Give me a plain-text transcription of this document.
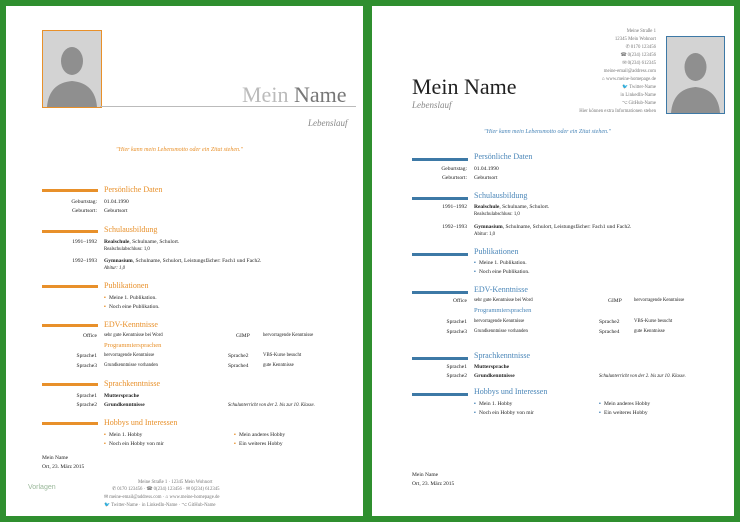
Mein Name
Lebenslauf
"Hier kann mein Lebensmotto oder ein Zitat stehen."
Persönliche Daten
Geburtstag: 01.04.1990
Geburtsort: Geburtsort
Schulausbildung
1991–1992 Realschule, Schulname, Schulort.
Realschulabschluss: 1,0
1992–1993 Gymnasium, Schulname, Schulort, Leistungsfächer: Fach1 und Fach2.
Abitur: 1,0
Publikationen
▪ Meine 1. Publikation.
▪ Noch eine Publikation.
EDV-Kenntnisse
Office sehr gute Kenntnisse bei Word	GIMP	hervorragende Kenntnisse
Programmiersprachen
Sprache1 hervorragende Kenntnisse	Sprache2	VBS-Kurse besucht
Sprache3 Grundkenntnisse vorhanden	Sprache4	gute Kenntnisse
Sprachkenntnisse
Sprache1 Muttersprache
Sprache2 Grundkenntnisse	Schulunterricht von der 2. bis zur 10. Klasse.
Hobbys und Interessen
▪ Mein 1. Hobby	▪ Mein anderes Hobby
▪ Noch ein Hobby von mir	▪ Ein weiteres Hobby
Mein Name
Ort, 23. März 2015
Vorlagen
Meine Straße 1 · 12345 Mein Wohnort
✆ 0170 123456 · ☎ 0(234) 123456 · ✉ 0(234) 612345
✉ meine-email@address.com · ⌂ www.meine-homepage.de
🐦 Twitter-Name · in LinkedIn-Name · ⌥ GitHub-Name
Mein Name
Lebenslauf
Meine Straße 1
12345 Mein Wohnort
✆ 0170 123456
☎ 0(234) 123456
✉ 0(234) 612345
meine-email@address.com
⌂ www.meine-homepage.de
🐦 Twitter-Name
in LinkedIn-Name
⌥ GitHub-Name
Hier können extra Informationen stehen
"Hier kann mein Lebensmotto oder ein Zitat stehen."
Persönliche Daten
Geburtstag: 01.04.1990
Geburtsort: Geburtsort
Schulausbildung
1991–1992 Realschule, Schulname, Schulort.
Realschulabschluss: 1,0
1992–1993 Gymnasium, Schulname, Schulort, Leistungsfächer: Fach1 und Fach2.
Abitur: 1,0
Publikationen
▪ Meine 1. Publikation.
▪ Noch eine Publikation.
EDV-Kenntnisse
Office sehr gute Kenntnisse bei Word	GIMP	hervorragende Kenntnisse
Programmiersprachen
Sprache1 hervorragende Kenntnisse	Sprache2	VBS-Kurse besucht
Sprache3 Grundkenntnisse vorhanden	Sprache4	gute Kenntnisse
Sprachkenntnisse
Sprache1 Muttersprache
Sprache2 Grundkenntnisse	Schulunterricht von der 2. bis zur 10. Klasse.
Hobbys und Interessen
▪ Mein 1. Hobby	▪ Mein anderes Hobby
▪ Noch ein Hobby von mir	▪ Ein weiteres Hobby
Mein Name
Ort, 23. März 2015
